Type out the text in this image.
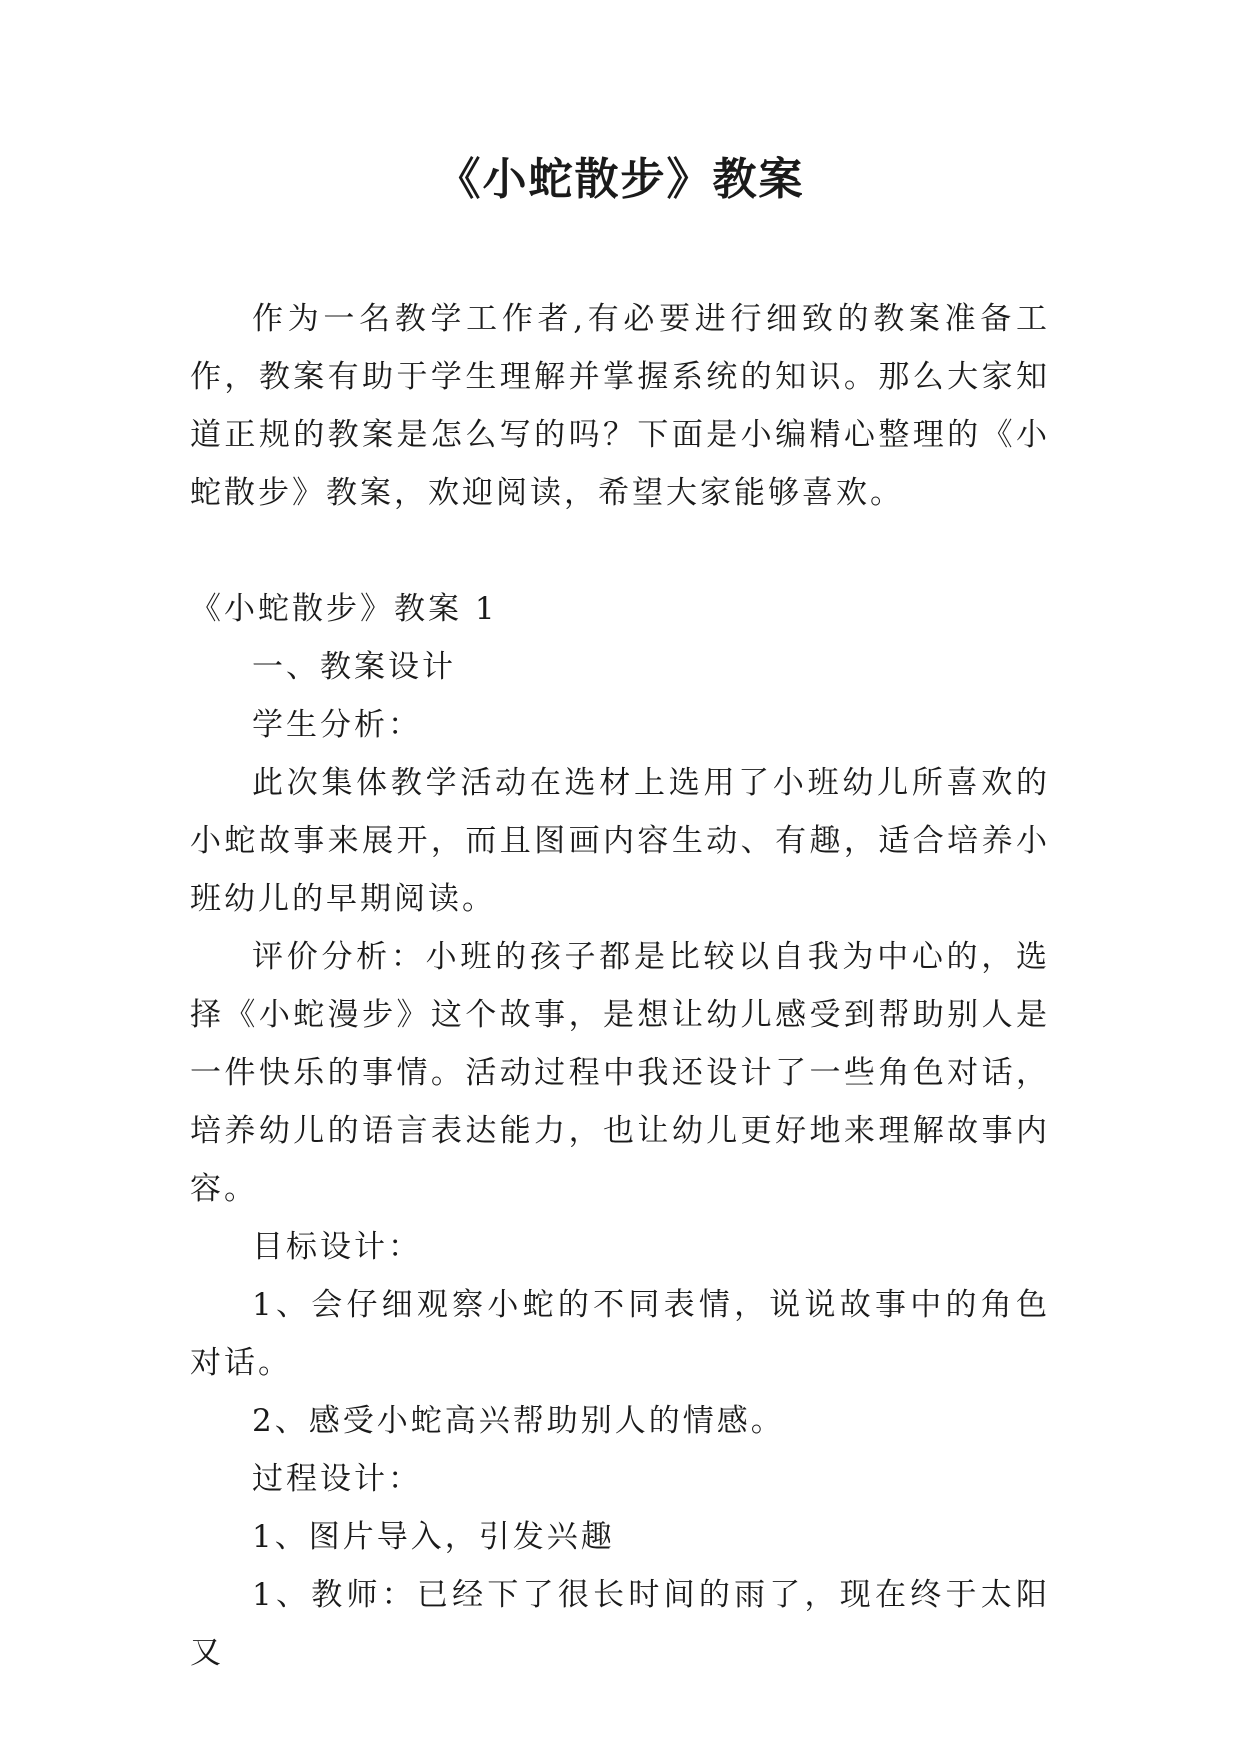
《小蛇散步》教案

作为一名教学工作者,有必要进行细致的教案准备工作，教案有助于学生理解并掌握系统的知识。那么大家知道正规的教案是怎么写的吗？下面是小编精心整理的《小蛇散步》教案，欢迎阅读，希望大家能够喜欢。

《小蛇散步》教案 1

一、教案设计

学生分析：

此次集体教学活动在选材上选用了小班幼儿所喜欢的小蛇故事来展开，而且图画内容生动、有趣，适合培养小班幼儿的早期阅读。

评价分析：小班的孩子都是比较以自我为中心的，选择《小蛇漫步》这个故事，是想让幼儿感受到帮助别人是一件快乐的事情。活动过程中我还设计了一些角色对话，培养幼儿的语言表达能力，也让幼儿更好地来理解故事内容。

目标设计：

1、会仔细观察小蛇的不同表情，说说故事中的角色对话。

2、感受小蛇高兴帮助别人的情感。

过程设计：

1、图片导入，引发兴趣

1、教师：已经下了很长时间的雨了，现在终于太阳又
